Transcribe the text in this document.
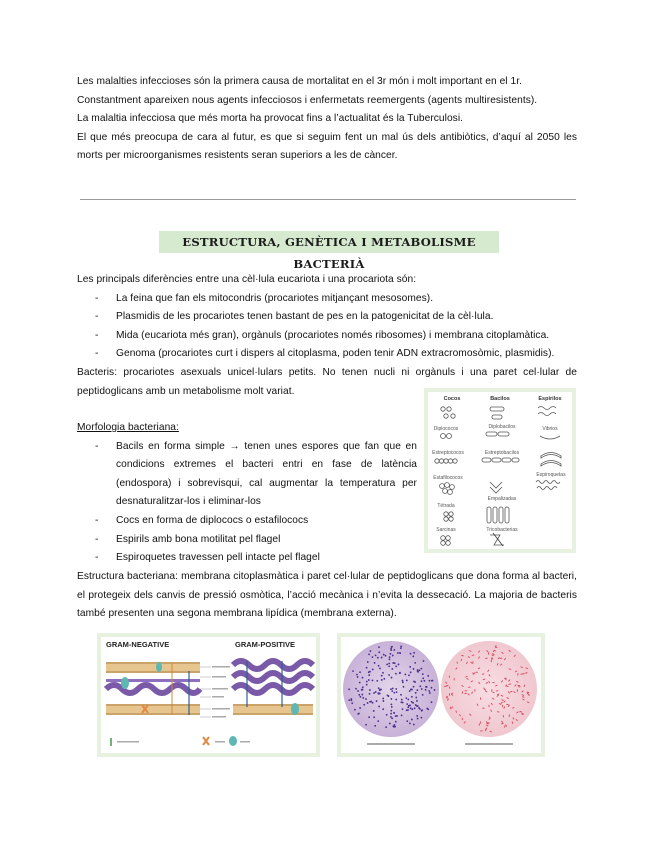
Les malalties infeccioses són la primera causa de mortalitat en el 3r món i molt important en el 1r.

Constantment apareixen nous agents infecciosos i enfermetats reemergents (agents multiresistents).

La malaltia infecciosa que més morta ha provocat fins a l’actualitat és la Tuberculosi.

El que més preocupa de cara al futur, es que si seguim fent un mal ús dels antibiòtics, d’aquí al 2050 les morts per microorganismes resistents seran superiors a les de càncer.

ESTRUCTURA, GENÈTICA I METABOLISME BACTERIÀ

Les principals diferències entre una cèl·lula eucariota i una procariota són:

- La feina que fan els mitocondris (procariotes mitjançant mesosomes).
- Plasmidis de les procariotes tenen bastant de pes en la patogenicitat de la cèl·lula.
- Mida (eucariota més gran), orgànuls (procariotes només ribosomes) i membrana citoplamàtica.
- Genoma (procariotes curt i dispers al citoplasma, poden tenir ADN extracromosòmic, plasmidis).

Bacteris: procariotes asexuals unicel·lulars petits. No tenen nucli ni orgànuls i una paret cel·lular de peptidoglicans amb un metabolisme molt variat.

Morfologia bacteriana:

- Bacils en forma simple → tenen unes espores que fan que en condicions extremes el bacteri entri en fase de latència (endospora) i sobrevisqui, cal augmentar la temperatura per desnaturalitzar-los i eliminar-los
- Cocs en forma de diplococs o estafilococs
- Espirils amb bona motilitat pel flagel
- Espiroquetes travessen pell intacte pel flagel
Cocos	Bacilos	Espirilos
Diplococos	Diplobacilos	Vibrios
Estreptococos	Estreptobacilos
Espiroquetas
Estafilococos
Empalizadas
Tétrada
Sarcinas	Tricobacterias

Estructura bacteriana: membrana citoplasmàtica i paret cel·lular de peptidoglicans que dona forma al bacteri, el protegeix dels canvis de pressió osmòtica, l’acció mecànica i n’evita la dessecació. La majoria de bacteris també presenten una segona membrana lipídica (membrana externa).

GRAM-NEGATIVE	GRAM-POSITIVE
